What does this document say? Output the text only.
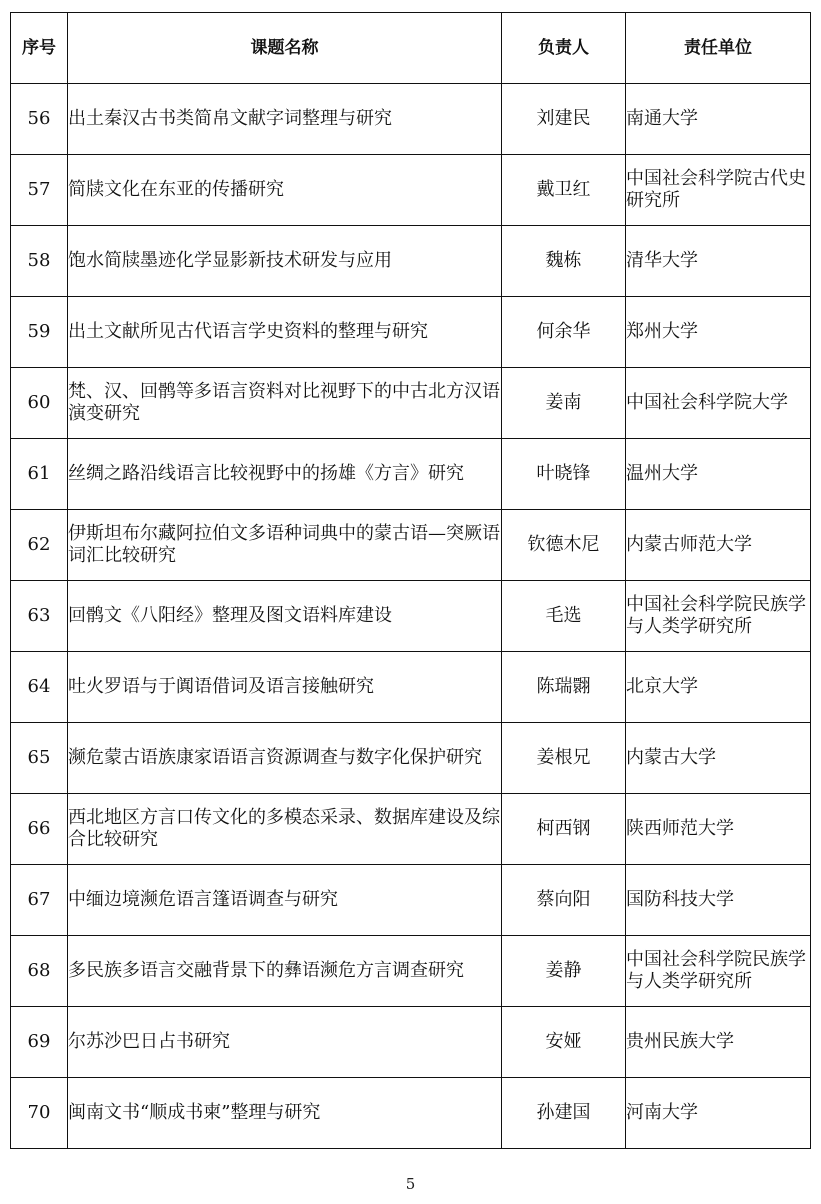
序号	课题名称	负责人	责任单位
56	出土秦汉古书类简帛文献字词整理与研究	刘建民	南通大学
57	简牍文化在东亚的传播研究	戴卫红	中国社会科学院古代史研究所
58	饱水简牍墨迹化学显影新技术研发与应用	魏栋	清华大学
59	出土文献所见古代语言学史资料的整理与研究	何余华	郑州大学
60	梵、汉、回鹘等多语言资料对比视野下的中古北方汉语演变研究	姜南	中国社会科学院大学
61	丝绸之路沿线语言比较视野中的扬雄《方言》研究	叶晓锋	温州大学
62	伊斯坦布尔藏阿拉伯文多语种词典中的蒙古语—突厥语词汇比较研究	钦德木尼	内蒙古师范大学
63	回鹘文《八阳经》整理及图文语料库建设	毛选	中国社会科学院民族学与人类学研究所
64	吐火罗语与于阗语借词及语言接触研究	陈瑞翾	北京大学
65	濒危蒙古语族康家语语言资源调查与数字化保护研究	姜根兄	内蒙古大学
66	西北地区方言口传文化的多模态采录、数据库建设及综合比较研究	柯西钢	陕西师范大学
67	中缅边境濒危语言篷语调查与研究	蔡向阳	国防科技大学
68	多民族多语言交融背景下的彝语濒危方言调查研究	姜静	中国社会科学院民族学与人类学研究所
69	尔苏沙巴日占书研究	安娅	贵州民族大学
70	闽南文书“顺成书柬”整理与研究	孙建国	河南大学
5
